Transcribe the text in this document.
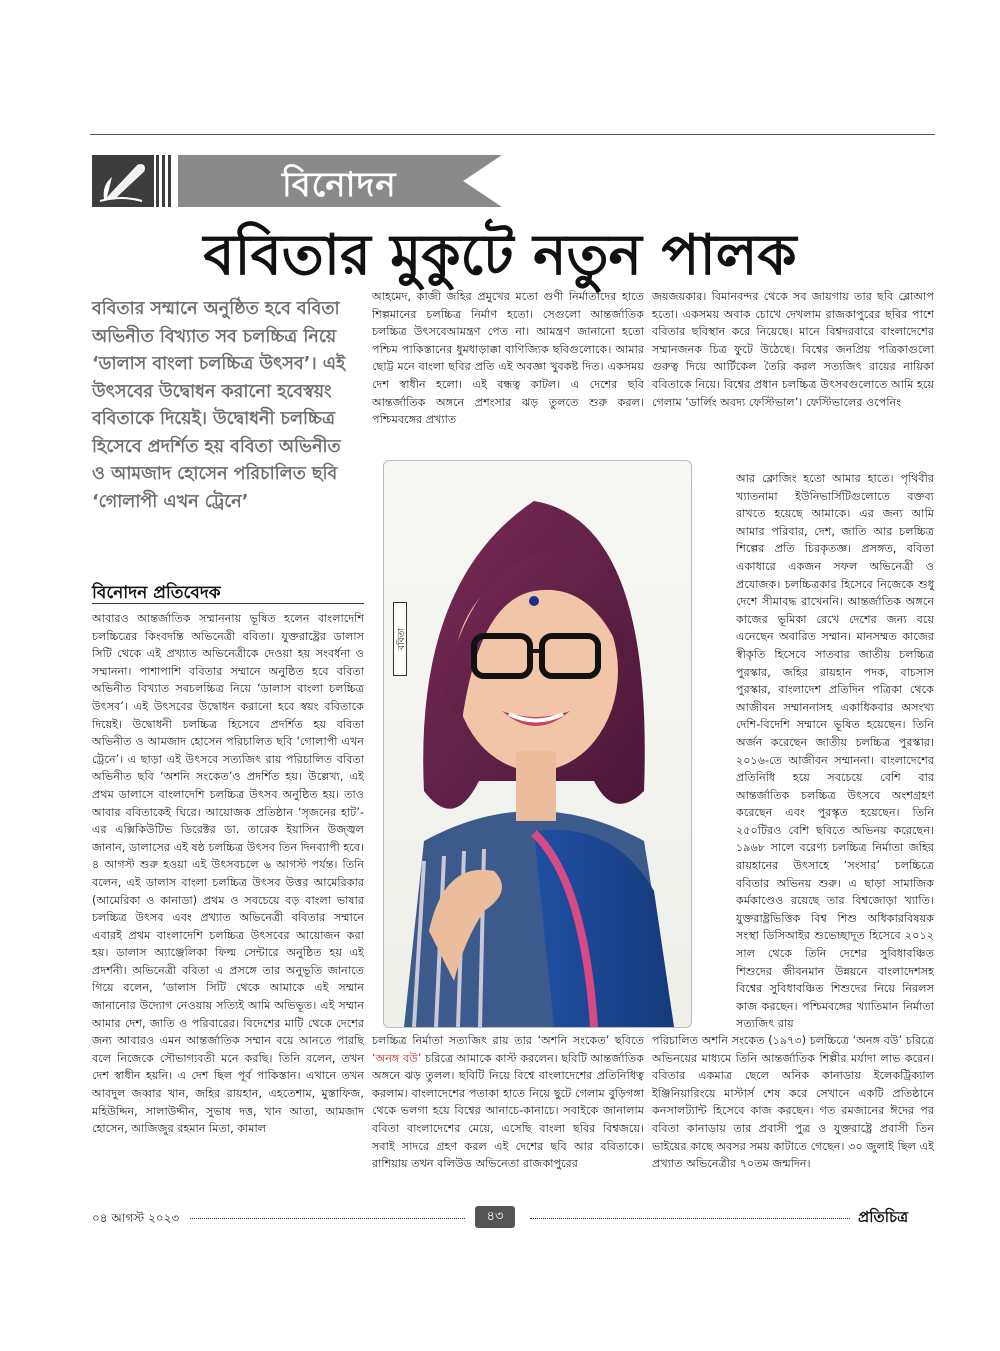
বিনোদন
ববিতার মুকুটে নতুন পালক
ববিতার সম্মানে অনুষ্ঠিত হবে ববিতা অভিনীত বিখ্যাত সব চলচ্চিত্র নিয়ে ‘ডালাস বাংলা চলচ্চিত্র উৎসব’। এই উৎসবের উদ্বোধন করানো হবেস্বয়ং ববিতাকে দিয়েই। উদ্বোধনী চলচ্চিত্র হিসেবে প্রদর্শিত হয় ববিতা অভিনীত ও আমজাদ হোসেন পরিচালিত ছবি ‘গোলাপী এখন ট্রেনে’
বিনোদন প্রতিবেদক
আবারও আন্তর্জাতিক সম্মাননায় ভূষিত হলেন বাংলাদেশি চলচ্চিত্রের কিংবদন্তি অভিনেত্রী ববিতা। যুক্তরাষ্ট্রের ডালাস সিটি থেকে এই প্রখ্যাত অভিনেত্রীকে দেওয়া হয় সংবর্ধনা ও সম্মাননা। পাশাপাশি ববিতার সম্মানে অনুষ্ঠিত হবে ববিতা অভিনীত বিখ্যাত সবচলচ্চিত্র নিয়ে ‘ডালাস বাংলা চলচ্চিত্র উৎসব’। এই উৎসবের উদ্বোধন করানো হবে স্বয়ং ববিতাকে দিয়েই। উদ্বোধনী চলচ্চিত্র হিসেবে প্রদর্শিত হয় ববিতা অভিনীত ও আমজাদ হোসেন পরিচালিত ছবি ‘গোলাপী এখন ট্রেনে’। এ ছাড়া এই উৎসবে সত্যজিৎ রায় পরিচালিত ববিতা অভিনীত ছবি ‘অশনি সংকেত’ও প্রদর্শিত হয়। উল্লেখ্য, এই প্রথম ডালাসে বাংলাদেশি চলচ্চিত্র উৎসব অনুষ্ঠিত হয়। তাও আবার ববিতাকেই ঘিরে। আয়োজক প্রতিষ্ঠান ‘সৃজনের হাট’-এর এক্সিকিউটিভ ডিরেক্টর ডা. তারেক ইয়াসিন উজ্জ্বল জানান, ডালাসের এই ষষ্ঠ চলচ্চিত্র উৎসব তিন দিনব্যাপী হবে। ৪ আগস্ট শুরু হওয়া এই উৎসবচলে ৬ আগস্ট পর্যন্ত। তিনি বলেন, এই ডালাস বাংলা চলচ্চিত্র উৎসব উত্তর আমেরিকার (আমেরিকা ও কানাডা) প্রথম ও সবচেয়ে বড় বাংলা ভাষার চলচ্চিত্র উৎসব এবং প্রখ্যাত অভিনেত্রী ববিতার সম্মানে এবারই প্রথম বাংলাদেশি চলচ্চিত্র উৎসবের আয়োজন করা হয়। ডালাস অ্যাঞ্জেলিকা ফিল্ম সেন্টারে অনুষ্ঠিত হয় এই প্রদর্শনী। অভিনেত্রী ববিতা এ প্রসঙ্গে তার অনুভূতি জানাতে গিয়ে বলেন, ‘ডালাস সিটি থেকে আমাকে এই সম্মান জানানোর উদ্যোগ নেওয়ায় সত্যিই আমি অভিভূত। এই সম্মান আমার দেশ, জাতি ও পরিবারের। বিদেশের মাটি থেকে দেশের জন্য আবারও এমন আন্তর্জাতিক সম্মান বয়ে আনতে পারছি বলে নিজেকে সৌভাগ্যবতী মনে করছি। তিনি বলেন, তখন দেশ স্বাধীন হয়নি। এ দেশ ছিল পূর্ব পাকিস্তান। এখানে তখন আবদুল জব্বার খান, জহির রায়হান, এহতেশাম, মুস্তাফিজ, মহিউদ্দিন, সালাউদ্দীন, সুভাষ দত্ত, খান আতা, আমজাদ হোসেন, আজিজুর রহমান মিতা, কামাল
আহমেদ, কাজী জহির প্রমুখের মতো গুণী নির্মাতাদের হাতে শিল্পমানের চলচ্চিত্র নির্মাণ হতো। সেগুলো আন্তর্জাতিক চলচ্চিত্র উৎসবেআমন্ত্রণ পেত না। আমন্ত্রণ জানানো হতো পশ্চিম পাকিস্তানের ধুমধাড়াক্কা বাণিজ্যিক ছবিগুলোকে। আমার ছোট্ট মনে বাংলা ছবির প্রতি এই অবজ্ঞা খুবকষ্ট দিত। একসময় দেশ স্বাধীন হলো। এই বন্ধত্ব কাটল। এ দেশের ছবি আন্তর্জাতিক অঙ্গনে প্রশংসার ঝড় তুলতে শুরু করল। পশ্চিমবঙ্গের প্রখ্যাত
ববিতা
চলচ্চিত্র নির্মাতা সত্যজিৎ রায় তার ‘অশনি সংকেত’ ছবিতে ‘অনঙ্গ বউ’ চরিত্রে আমাকে কাস্ট করলেন। ছবিটি আন্তর্জাতিক অঙ্গনে ঝড় তুলল। ছবিটি নিয়ে বিশ্বে বাংলাদেশের প্রতিনিধিত্ব করলাম। বাংলাদেশের পতাকা হাতে নিয়ে ছুটে গেলাম বুড়িগঙ্গা থেকে ভলগা হয়ে বিশ্বের আনাচে-কানাচে। সবাইকে জানালাম ববিতা বাংলাদেশের মেয়ে, এসেছি বাংলা ছবির বিশ্বজয়ে। সবাই সাদরে গ্রহণ করল এই দেশের ছবি আর ববিতাকে। রাশিয়ায় তখন বলিউড অভিনেতা রাজকাপুরের
জয়জয়কার। বিমানবন্দর থেকে সব জায়গায় তার ছবি ব্লোআপ হতো। একসময় অবাক চোখে দেখলাম রাজকাপুরের ছবির পাশে ববিতার ছবিস্থান করে নিয়েছে। মানে বিশ্বদরবারে বাংলাদেশের সম্মানজনক চিত্র ফুটে উঠেছে। বিশ্বের জনপ্রিয় পত্রিকাগুলো গুরুত্ব দিয়ে আর্টিকেল তৈরি করল সত্যজিৎ রায়ের নায়িকা ববিতাকে নিয়ে। বিশ্বের প্রধান চলচ্চিত্র উৎসবগুলোতে আমি হয়ে গেলাম ‘ডার্লিং অবদ্য ফেস্টিভাল’। ফেস্টিভালের ওপেনিং
আর ক্লোজিং হতো আমার হাতে। পৃথিবীর খ্যাতনামা ইউনিভার্সিটিগুলোতে বক্তব্য রাখতে হয়েছে আমাকে। এর জন্য আমি আমার পরিবার, দেশ, জাতি আর চলচ্চিত্র শিল্পের প্রতি চিরকৃতজ্ঞ। প্রসঙ্গত, ববিতা একাধারে একজন সফল অভিনেত্রী ও প্রযোজক। চলচ্চিত্রকার হিসেবে নিজেকে শুধু দেশে সীমাবদ্ধ রাখেননি। আন্তর্জাতিক অঙ্গনে কাজের ভূমিকা রেখে দেশের জন্য বয়ে এনেছেন অবারিত সম্মান। মানসম্মত কাজের স্বীকৃতি হিসেবে সাতবার জাতীয় চলচ্চিত্র পুরস্কার, জহির রায়হান পদক, বাচসাস পুরস্কার, বাংলাদেশ প্রতিদিন পত্রিকা থেকে আজীবন সম্মাননাসহ একাধিকবার অসংখ্য দেশি-বিদেশি সম্মানে ভূষিত হয়েছেন। তিনি অর্জন করেছেন জাতীয় চলচ্চিত্র পুরস্কার। ২০১৬-তে আজীবন সম্মাননা। বাংলাদেশের প্রতিনিধি হয়ে সবচেয়ে বেশি বার আন্তর্জাতিক চলচ্চিত্র উৎসবে অংশগ্রহণ করেছেন এবং পুরস্কৃত হয়েছেন। তিনি ২৫০টিরও বেশি ছবিতে অভিনয় করেছেন। ১৯৬৮ সালে বরেণ্য চলচ্চিত্র নির্মাতা জহির রায়হানের উৎসাহে ‘সংসার’ চলচ্চিত্রে ববিতার অভিনয় শুরু। এ ছাড়া সামাজিক কর্মকাণ্ডেও রয়েছে তার বিশ্বজোড়া খ্যাতি। যুক্তরাষ্ট্রভিত্তিক বিশ্ব শিশু অধিকারবিষয়ক সংস্থা ডিসিআইর শুভেচ্ছাদূত হিসেবে ২০১২ সাল থেকে তিনি দেশের সুবিধাবঞ্চিত শিশুদের জীবনমান উন্নয়নে বাংলাদেশসহ বিশ্বের সুবিধাবঞ্চিত শিশুদের নিয়ে নিরলস কাজ করছেন। পশ্চিমবঙ্গের খ্যাতিমান নির্মাতা সত্যজিৎ রায়
পরিচালিত অশনি সংকেত (১৯৭৩) চলচ্চিত্রে ‘অনঙ্গ বউ’ চরিত্রে অভিনয়ের মাধ্যমে তিনি আন্তর্জাতিক শিল্পীর মর্যাদা লাভ করেন। ববিতার একমাত্র ছেলে অনিক কানাডায় ইলেকট্রিক্যাল ইঞ্জিনিয়ারিংয়ে মাস্টার্স শেষ করে সেখানে একটি প্রতিষ্ঠানে কনসালট্যান্ট হিসেবে কাজ করছেন। গত রমজানের ঈদের পর ববিতা কানাডায় তার প্রবাসী পুত্র ও যুক্তরাষ্ট্রে প্রবাসী তিন ভাইয়ের কাছে অবসর সময় কাটাতে গেছেন। ৩০ জুলাই ছিল এই প্রখ্যাত অভিনেত্রীর ৭০তম জন্মদিন।
০৪ আগস্ট ২০২৩	৪৩	প্রতিচিত্র
